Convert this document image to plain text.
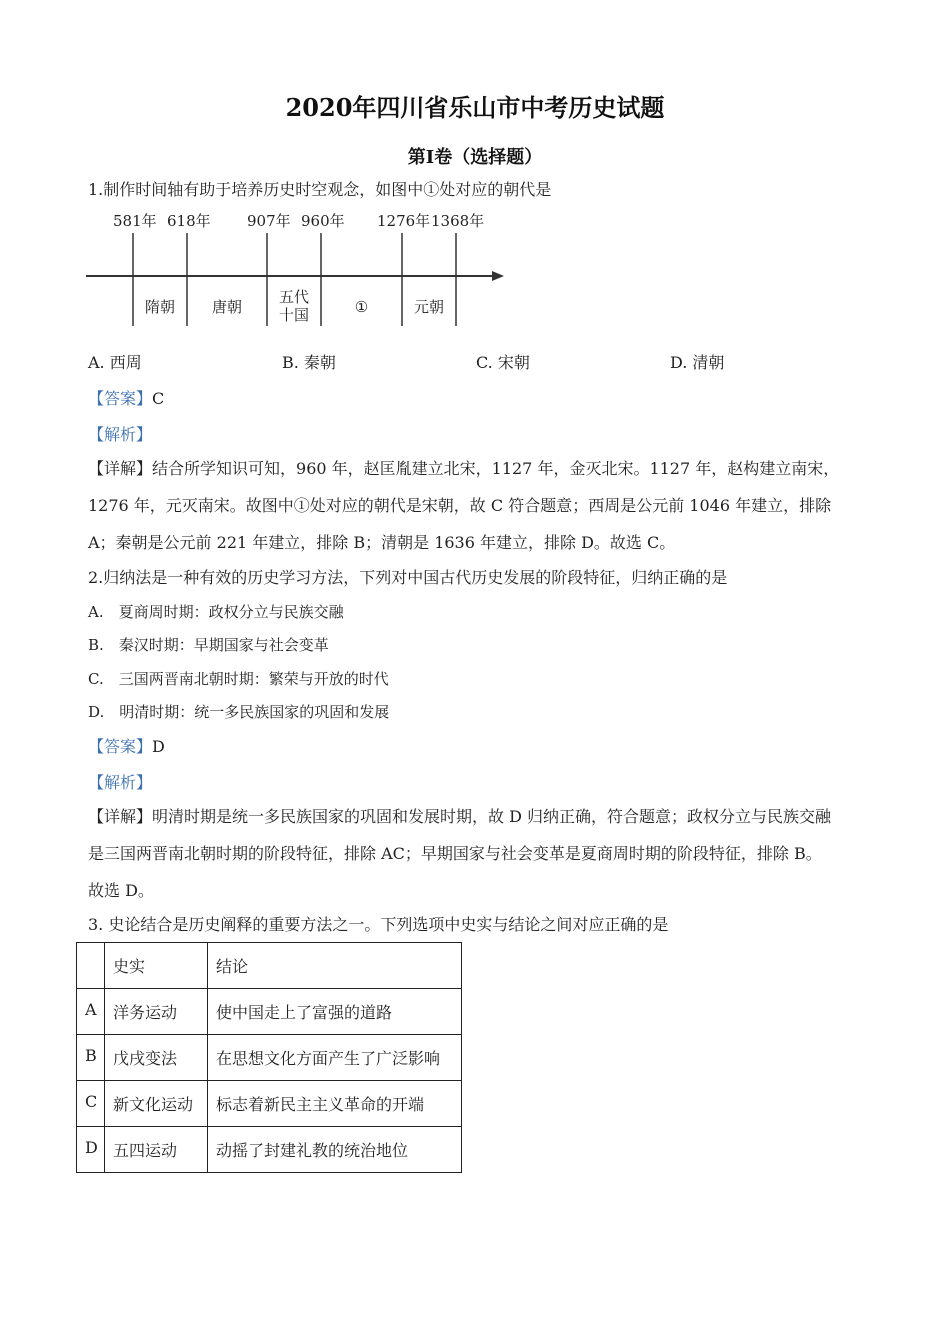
2020年四川省乐山市中考历史试题
第Ⅰ卷（选择题）
1.制作时间轴有助于培养历史时空观念，如图中①处对应的朝代是
581年 618年 907年 960年 1276年 1368年
隋朝	唐朝
五代
十国	①	元朝
A. 西周	B. 秦朝	C. 宋朝	D. 清朝
【答案】C
【解析】
【详解】结合所学知识可知，960 年，赵匡胤建立北宋，1127 年，金灭北宋。1127 年，赵构建立南宋，
1276 年，元灭南宋。故图中①处对应的朝代是宋朝，故 C 符合题意；西周是公元前 1046 年建立，排除
A；秦朝是公元前 221 年建立，排除 B；清朝是 1636 年建立，排除 D。故选 C。
2.归纳法是一种有效的历史学习方法，下列对中国古代历史发展的阶段特征，归纳正确的是
A.　夏商周时期：政权分立与民族交融
B.　秦汉时期：早期国家与社会变革
C.　三国两晋南北朝时期：繁荣与开放的时代
D.　明清时期：统一多民族国家的巩固和发展
【答案】D
【解析】
【详解】明清时期是统一多民族国家的巩固和发展时期，故 D 归纳正确，符合题意；政权分立与民族交融
是三国两晋南北朝时期的阶段特征，排除 AC；早期国家与社会变革是夏商周时期的阶段特征，排除 B。
故选 D。
3. 史论结合是历史阐释的重要方法之一。下列选项中史实与结论之间对应正确的是
	史实	结论
A	洋务运动	使中国走上了富强的道路
B	戊戌变法	在思想文化方面产生了广泛影响
C	新文化运动	标志着新民主主义革命的开端
D	五四运动	动摇了封建礼教的统治地位
